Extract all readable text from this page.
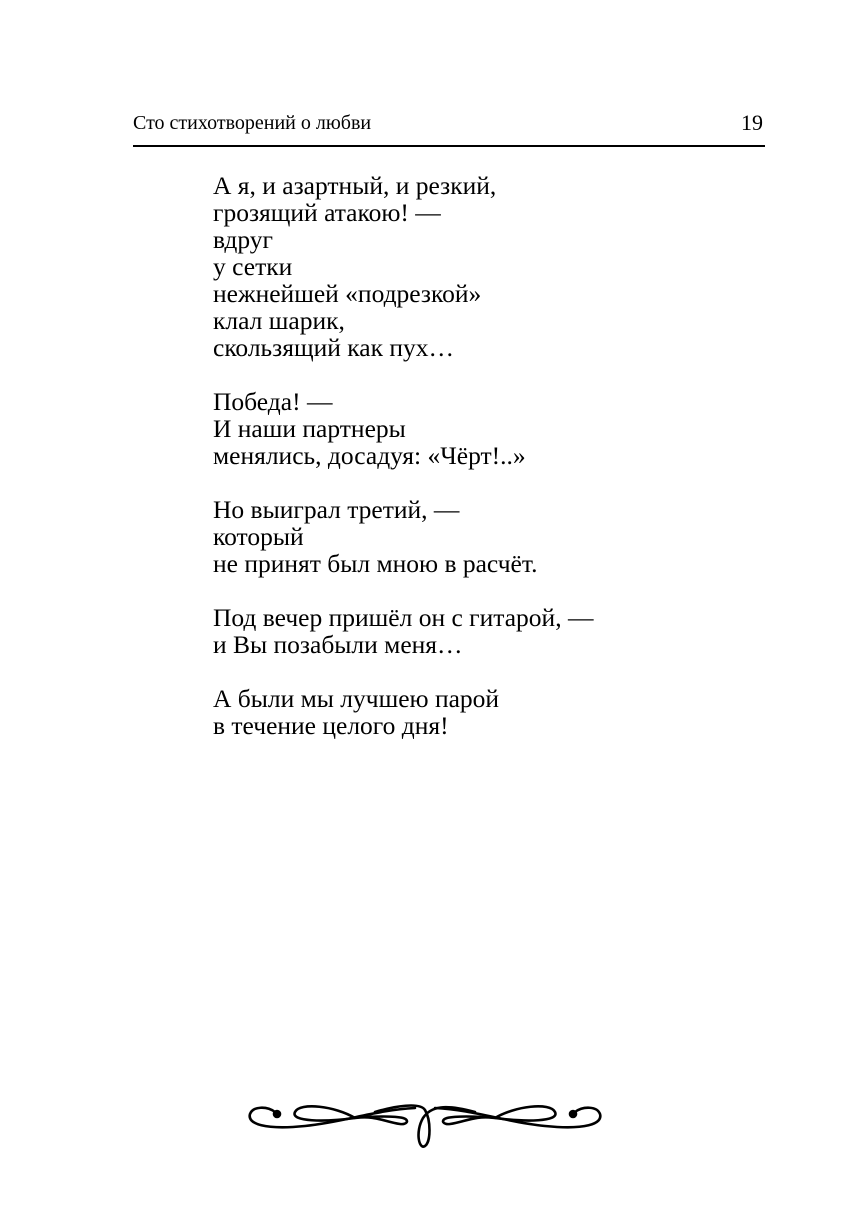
Сто стихотворений о любви	19
А я, и азартный, и резкий,
грозящий атакою! —
вдруг
у сетки
нежнейшей «подрезкой»
клал шарик,
скользящий как пух…
Победа! —
И наши партнеры
менялись, досадуя: «Чёрт!..»
Но выиграл третий, —
который
не принят был мною в расчёт.
Под вечер пришёл он с гитарой, —
и Вы позабыли меня…
А были мы лучшею парой
в течение целого дня!
